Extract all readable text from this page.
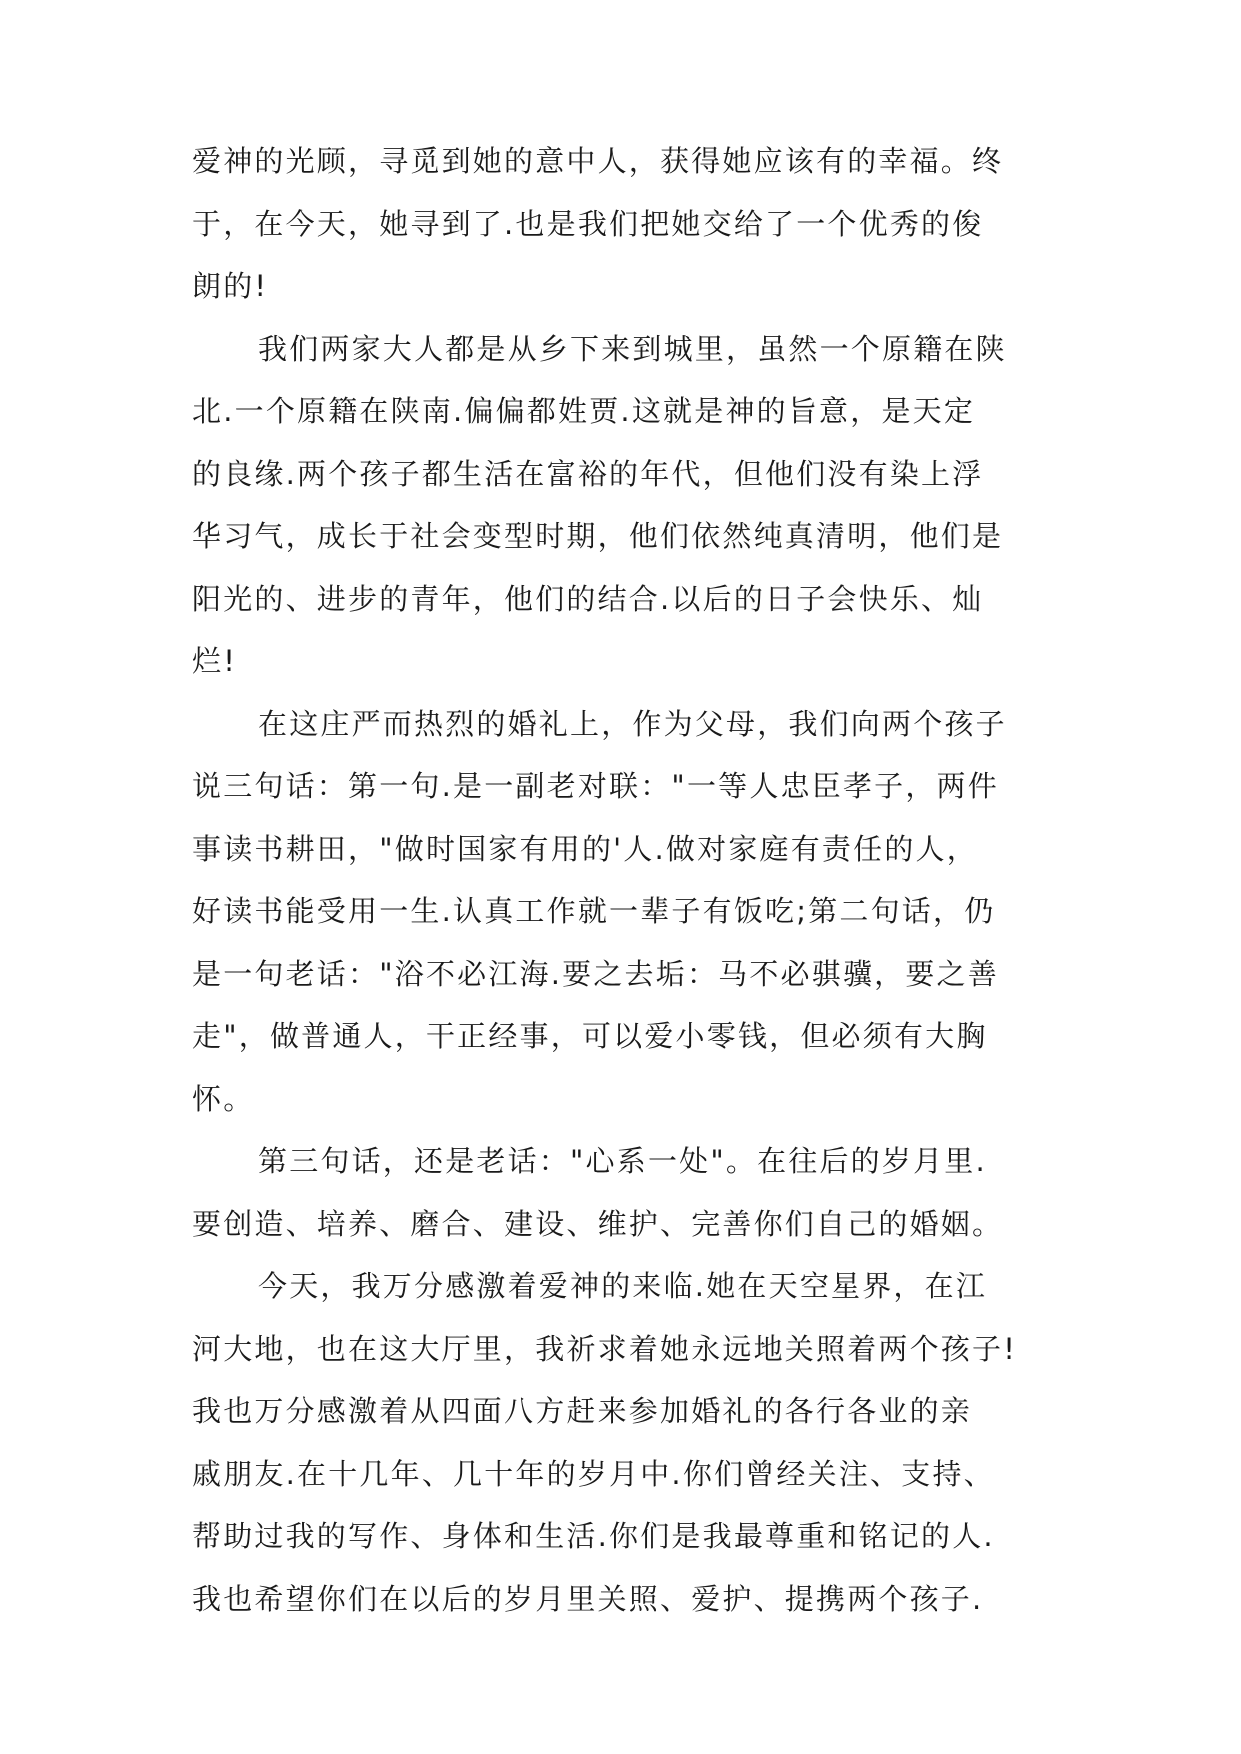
爱神的光顾，寻觅到她的意中人，获得她应该有的幸福。终
于，在今天，她寻到了.也是我们把她交给了一个优秀的俊
朗的!
我们两家大人都是从乡下来到城里，虽然一个原籍在陕
北.一个原籍在陕南.偏偏都姓贾.这就是神的旨意，是天定
的良缘.两个孩子都生活在富裕的年代，但他们没有染上浮
华习气，成长于社会变型时期，他们依然纯真清明，他们是
阳光的、进步的青年，他们的结合.以后的日子会快乐、灿
烂!
在这庄严而热烈的婚礼上，作为父母，我们向两个孩子
说三句话：第一句.是一副老对联："一等人忠臣孝子，两件
事读书耕田，"做时国家有用的'人.做对家庭有责任的人，
好读书能受用一生.认真工作就一辈子有饭吃;第二句话，仍
是一句老话："浴不必江海.要之去垢：马不必骐骥，要之善
走"，做普通人，干正经事，可以爱小零钱，但必须有大胸
怀。
第三句话，还是老话："心系一处"。在往后的岁月里.
要创造、培养、磨合、建设、维护、完善你们自己的婚姻。
今天，我万分感激着爱神的来临.她在天空星界，在江
河大地，也在这大厅里，我祈求着她永远地关照着两个孩子!
我也万分感激着从四面八方赶来参加婚礼的各行各业的亲
戚朋友.在十几年、几十年的岁月中.你们曾经关注、支持、
帮助过我的写作、身体和生活.你们是我最尊重和铭记的人.
我也希望你们在以后的岁月里关照、爱护、提携两个孩子.
